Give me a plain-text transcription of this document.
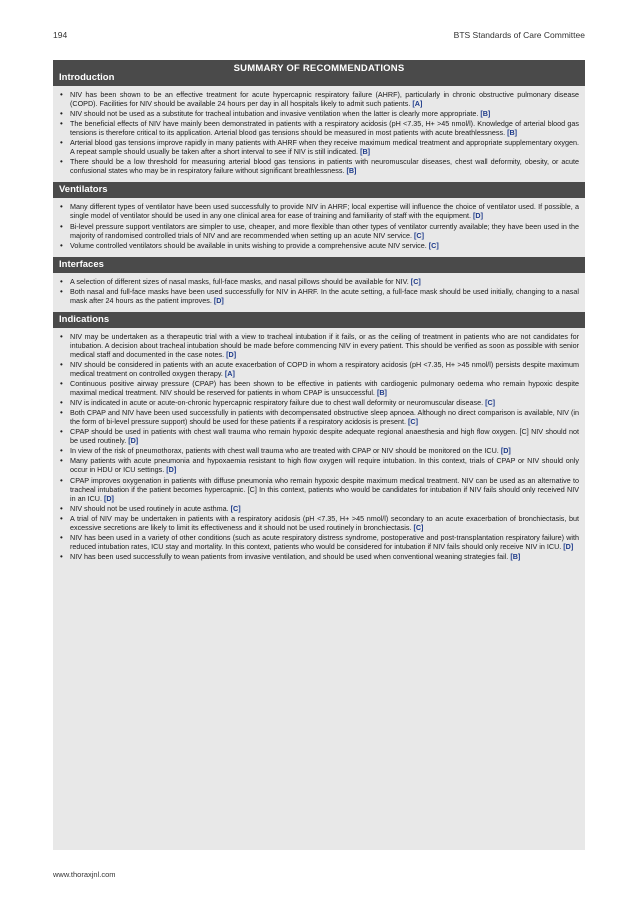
194	BTS Standards of Care Committee
SUMMARY OF RECOMMENDATIONS
Introduction
• NIV has been shown to be an effective treatment for acute hypercapnic respiratory failure (AHRF), particularly in chronic obstructive pulmonary disease (COPD). Facilities for NIV should be available 24 hours per day in all hospitals likely to admit such patients. [A]
• NIV should not be used as a substitute for tracheal intubation and invasive ventilation when the latter is clearly more appropriate. [B]
• The beneficial effects of NIV have mainly been demonstrated in patients with a respiratory acidosis (pH <7.35, H+ >45 nmol/l). Knowledge of arterial blood gas tensions is therefore critical to its application. Arterial blood gas tensions should be measured in most patients with acute breathlessness. [B]
• Arterial blood gas tensions improve rapidly in many patients with AHRF when they receive maximum medical treatment and appropriate supplementary oxygen. A repeat sample should usually be taken after a short interval to see if NIV is still indicated. [B]
• There should be a low threshold for measuring arterial blood gas tensions in patients with neuromuscular diseases, chest wall deformity, obesity, or acute confusional states who may be in respiratory failure without significant breathlessness. [B]
Ventilators
• Many different types of ventilator have been used successfully to provide NIV in AHRF; local expertise will influence the choice of ventilator used. If possible, a single model of ventilator should be used in any one clinical area for ease of training and familiarity of staff with the equipment. [D]
• Bi-level pressure support ventilators are simpler to use, cheaper, and more flexible than other types of ventilator currently available; they have been used in the majority of randomised controlled trials of NIV and are recommended when setting up an acute NIV service. [C]
• Volume controlled ventilators should be available in units wishing to provide a comprehensive acute NIV service. [C]
Interfaces
• A selection of different sizes of nasal masks, full-face masks, and nasal pillows should be available for NIV. [C]
• Both nasal and full-face masks have been used successfully for NIV in AHRF. In the acute setting, a full-face mask should be used initially, changing to a nasal mask after 24 hours as the patient improves. [D]
Indications
• NIV may be undertaken as a therapeutic trial with a view to tracheal intubation if it fails, or as the ceiling of treatment in patients who are not candidates for intubation. A decision about tracheal intubation should be made before commencing NIV in every patient. This should be verified as soon as possible with senior medical staff and documented in the case notes. [D]
• NIV should be considered in patients with an acute exacerbation of COPD in whom a respiratory acidosis (pH <7.35, H+ >45 nmol/l) persists despite maximum medical treatment on controlled oxygen therapy. [A]
• Continuous positive airway pressure (CPAP) has been shown to be effective in patients with cardiogenic pulmonary oedema who remain hypoxic despite maximal medical treatment. NIV should be reserved for patients in whom CPAP is unsuccessful. [B]
• NIV is indicated in acute or acute-on-chronic hypercapnic respiratory failure due to chest wall deformity or neuromuscular disease. [C]
• Both CPAP and NIV have been used successfully in patients with decompensated obstructive sleep apnoea. Although no direct comparison is available, NIV (in the form of bi-level pressure support) should be used for these patients if a respiratory acidosis is present. [C]
• CPAP should be used in patients with chest wall trauma who remain hypoxic despite adequate regional anaesthesia and high flow oxygen. [C] NIV should not be used routinely. [D]
• In view of the risk of pneumothorax, patients with chest wall trauma who are treated with CPAP or NIV should be monitored on the ICU. [D]
• Many patients with acute pneumonia and hypoxaemia resistant to high flow oxygen will require intubation. In this context, trials of CPAP or NIV should only occur in HDU or ICU settings. [D]
• CPAP improves oxygenation in patients with diffuse pneumonia who remain hypoxic despite maximum medical treatment. NIV can be used as an alternative to tracheal intubation if the patient becomes hypercapnic. [C] In this context, patients who would be candidates for intubation if NIV fails should only received NIV in an ICU. [D]
• NIV should not be used routinely in acute asthma. [C]
• A trial of NIV may be undertaken in patients with a respiratory acidosis (pH <7.35, H+ >45 nmol/l) secondary to an acute exacerbation of bronchiectasis, but excessive secretions are likely to limit its effectiveness and it should not be used routinely in bronchiectasis. [C]
• NIV has been used in a variety of other conditions (such as acute respiratory distress syndrome, postoperative and post-transplantation respiratory failure) with reduced intubation rates, ICU stay and mortality. In this context, patients who would be considered for intubation if NIV fails should only receive NIV in ICU. [D]
• NIV has been used successfully to wean patients from invasive ventilation, and should be used when conventional weaning strategies fail. [B]
www.thoraxjnl.com
